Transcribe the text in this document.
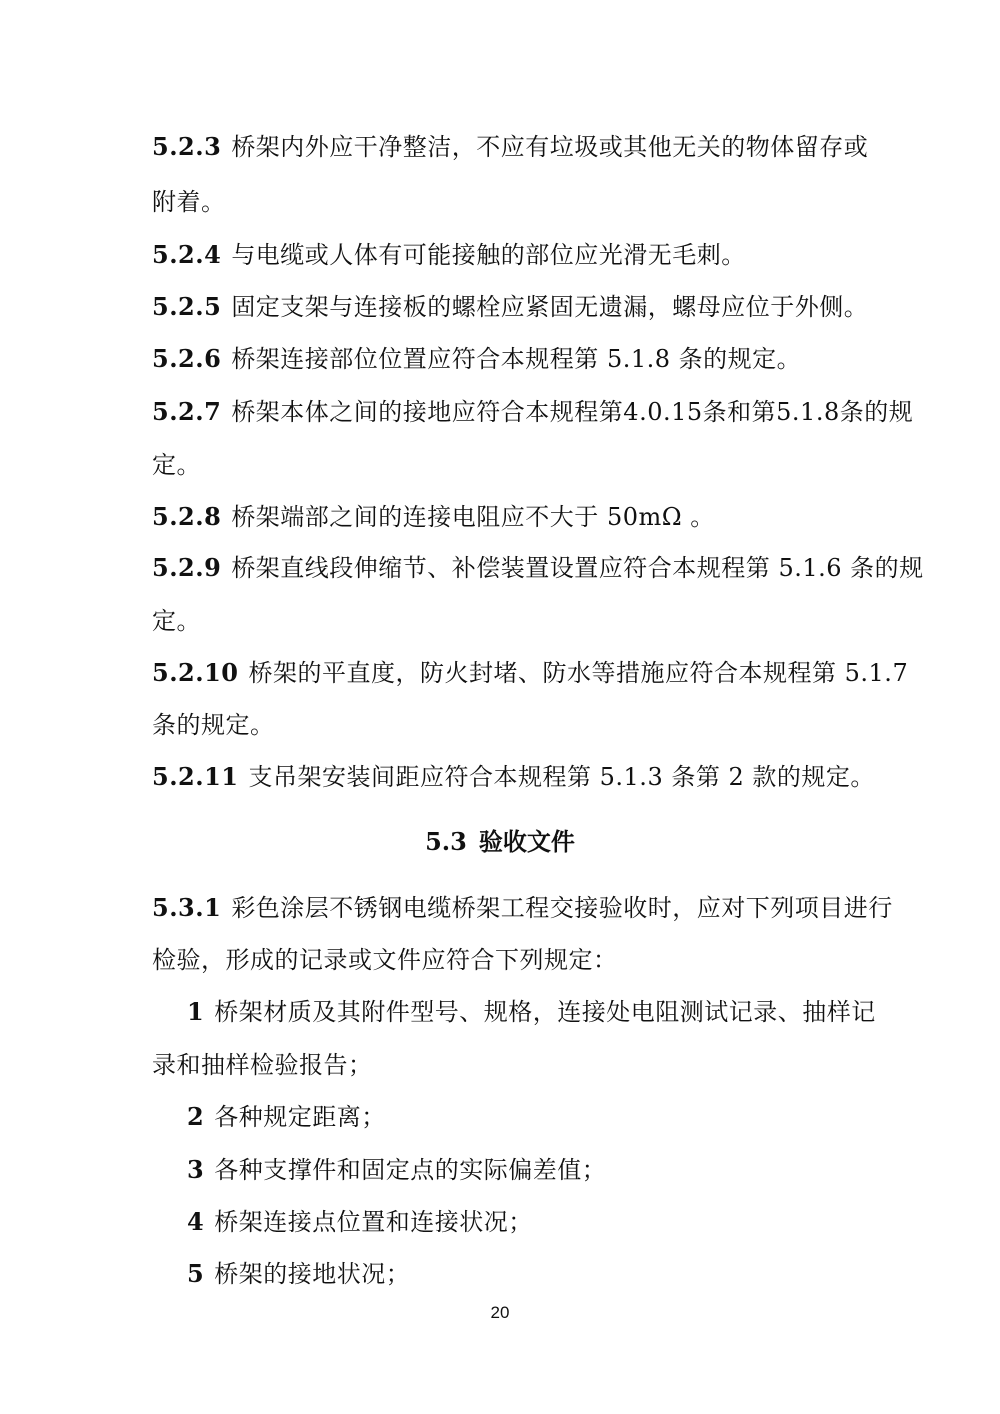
5.2.3 桥架内外应干净整洁，不应有垃圾或其他无关的物体留存或
附着。
5.2.4 与电缆或人体有可能接触的部位应光滑无毛刺。
5.2.5 固定支架与连接板的螺栓应紧固无遗漏，螺母应位于外侧。
5.2.6 桥架连接部位位置应符合本规程第 5.1.8 条的规定。
5.2.7 桥架本体之间的接地应符合本规程第4.0.15条和第5.1.8条的规
定。
5.2.8 桥架端部之间的连接电阻应不大于 50mΩ 。
5.2.9 桥架直线段伸缩节、补偿装置设置应符合本规程第 5.1.6 条的规
定。
5.2.10 桥架的平直度，防火封堵、防水等措施应符合本规程第 5.1.7
条的规定。
5.2.11 支吊架安装间距应符合本规程第 5.1.3 条第 2 款的规定。
5.3 验收文件
5.3.1 彩色涂层不锈钢电缆桥架工程交接验收时，应对下列项目进行
检验，形成的记录或文件应符合下列规定：
1 桥架材质及其附件型号、规格，连接处电阻测试记录、抽样记
录和抽样检验报告；
2 各种规定距离；
3 各种支撑件和固定点的实际偏差值；
4 桥架连接点位置和连接状况；
5 桥架的接地状况；
20
